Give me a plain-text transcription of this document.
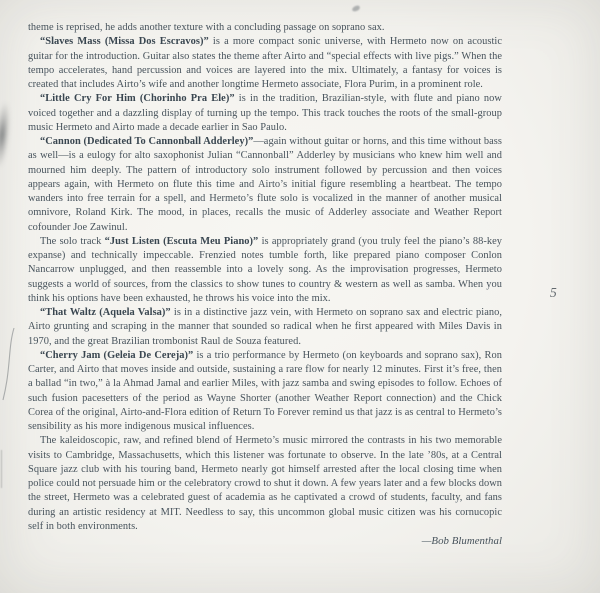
5

theme is reprised, he adds another texture with a concluding passage on soprano sax.

“Slaves Mass (Missa Dos Escravos)” is a more compact sonic universe, with Hermeto now on acoustic guitar for the introduction. Guitar also states the theme after Airto and “special effects with live pigs.” When the tempo accelerates, hand percussion and voices are layered into the mix. Ultimately, a fantasy for voices is created that includes Airto’s wife and another longtime Hermeto associate, Flora Purim, in a prominent role.

“Little Cry For Him (Chorinho Pra Ele)” is in the tradition, Brazilian-style, with flute and piano now voiced together and a dazzling display of turning up the tempo. This track touches the roots of the small-group music Hermeto and Airto made a decade earlier in Sao Paulo.

“Cannon (Dedicated To Cannonball Adderley)”—again without guitar or horns, and this time without bass as well—is a eulogy for alto saxophonist Julian “Cannonball” Adderley by musicians who knew him well and mourned him deeply. The pattern of introductory solo instrument followed by percussion and then voices appears again, with Hermeto on flute this time and Airto’s initial figure resembling a heartbeat. The tempo wanders into free terrain for a spell, and Hermeto’s flute solo is vocalized in the manner of another musical omnivore, Roland Kirk. The mood, in places, recalls the music of Adderley associate and Weather Report cofounder Joe Zawinul.

The solo track “Just Listen (Escuta Meu Piano)” is appropriately grand (you truly feel the piano’s 88-key expanse) and technically impeccable. Frenzied notes tumble forth, like prepared piano composer Conlon Nancarrow unplugged, and then reassemble into a lovely song. As the improvisation progresses, Hermeto suggests a world of sources, from the classics to show tunes to country & western as well as samba. When you think his options have been exhausted, he throws his voice into the mix.

“That Waltz (Aquela Valsa)” is in a distinctive jazz vein, with Hermeto on soprano sax and electric piano, Airto grunting and scraping in the manner that sounded so radical when he first appeared with Miles Davis in 1970, and the great Brazilian trombonist Raul de Souza featured.

“Cherry Jam (Geleia De Cereja)” is a trio performance by Hermeto (on keyboards and soprano sax), Ron Carter, and Airto that moves inside and outside, sustaining a rare flow for nearly 12 minutes. First it’s free, then a ballad “in two,” à la Ahmad Jamal and earlier Miles, with jazz samba and swing episodes to follow. Echoes of such fusion pacesetters of the period as Wayne Shorter (another Weather Report connection) and the Chick Corea of the original, Airto-and-Flora edition of Return To Forever remind us that jazz is as central to Hermeto’s sensibility as his more indigenous musical influences.

The kaleidoscopic, raw, and refined blend of Hermeto’s music mirrored the contrasts in his two memorable visits to Cambridge, Massachusetts, which this listener was fortunate to observe. In the late ’80s, at a Central Square jazz club with his touring band, Hermeto nearly got himself arrested after the local closing time when police could not persuade him or the celebratory crowd to shut it down. A few years later and a few blocks down the street, Hermeto was a celebrated guest of academia as he captivated a crowd of students, faculty, and fans during an artistic residency at MIT. Needless to say, this uncommon global music citizen was his cornucopic self in both environments.

—Bob Blumenthal
